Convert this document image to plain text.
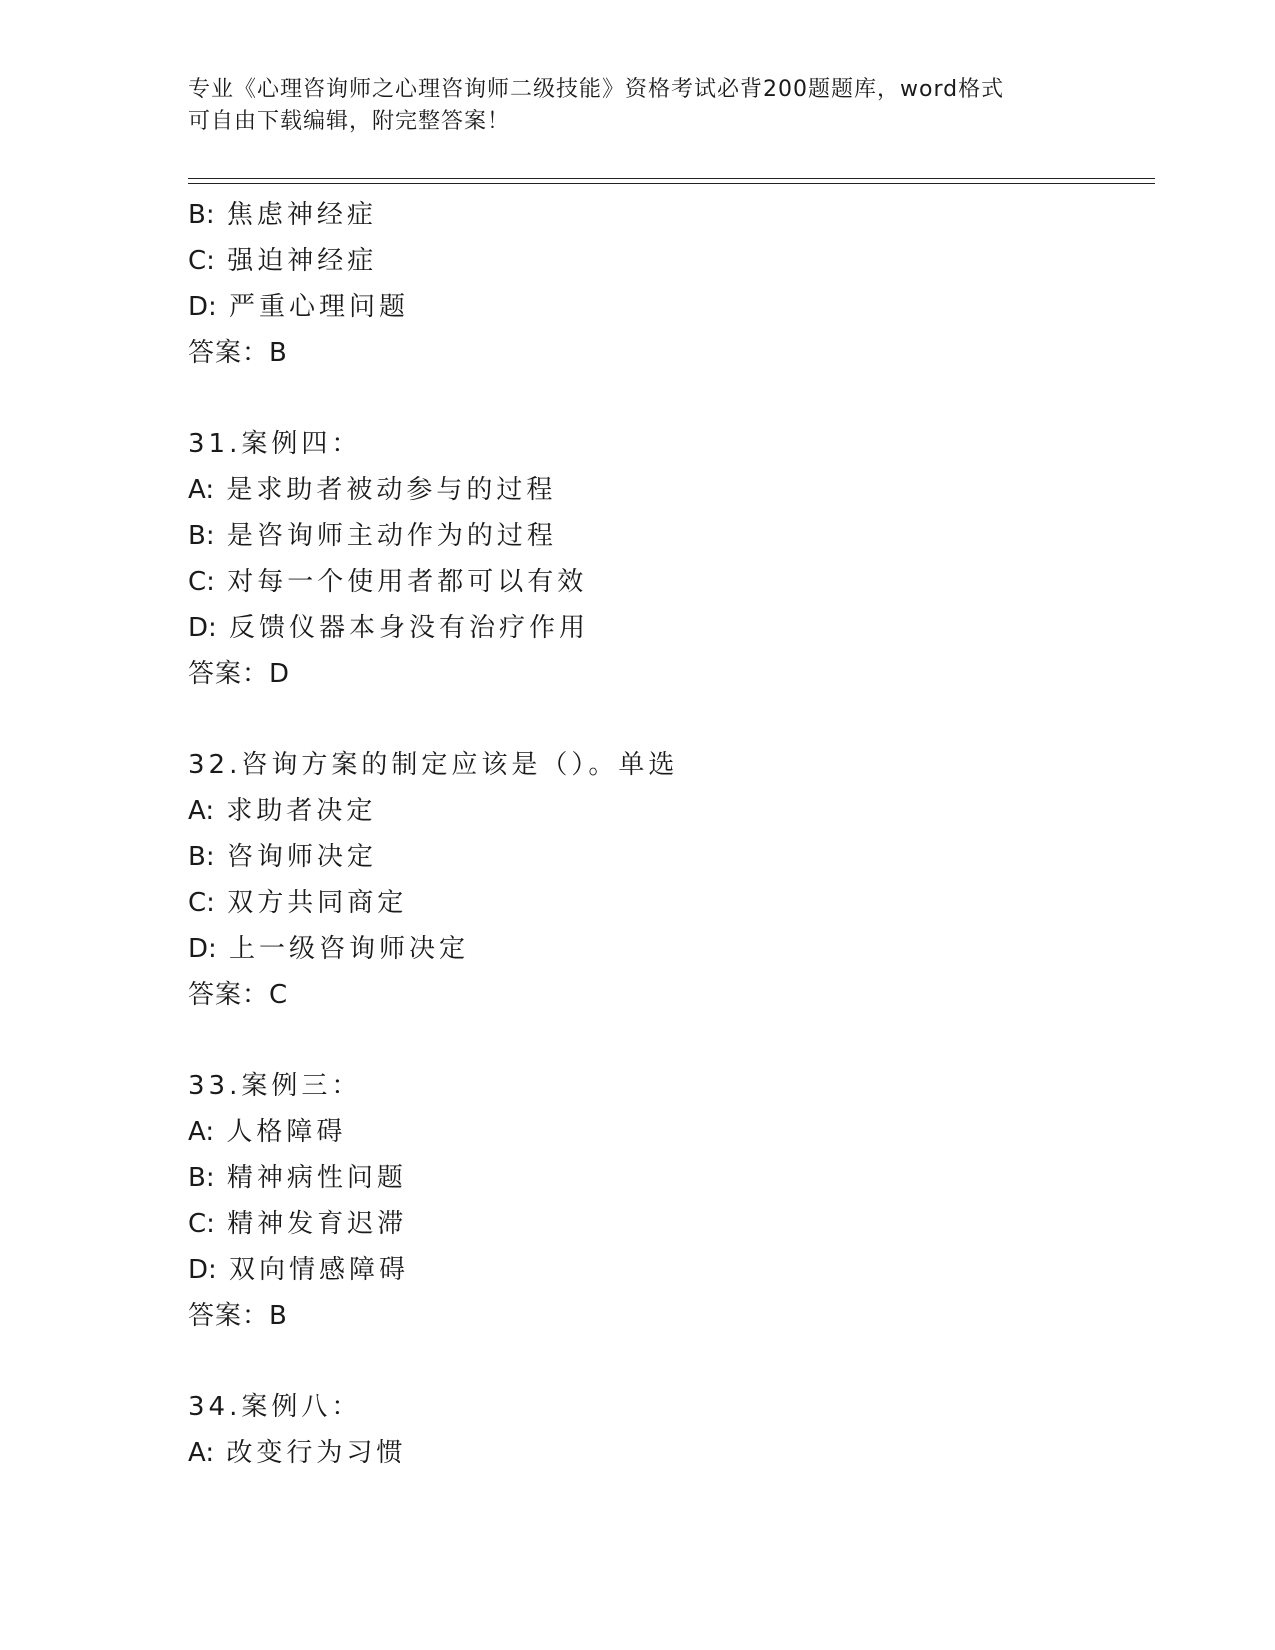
专业《心理咨询师之心理咨询师二级技能》资格考试必背200题题库，word格式
可自由下载编辑，附完整答案！
B: 焦虑神经症
C: 强迫神经症
D: 严重心理问题
答案：B
31.案例四：
A: 是求助者被动参与的过程
B: 是咨询师主动作为的过程
C: 对每一个使用者都可以有效
D: 反馈仪器本身没有治疗作用
答案：D
32.咨询方案的制定应该是（）。单选
A: 求助者决定
B: 咨询师决定
C: 双方共同商定
D: 上一级咨询师决定
答案：C
33.案例三：
A: 人格障碍
B: 精神病性问题
C: 精神发育迟滞
D: 双向情感障碍
答案：B
34.案例八：
A: 改变行为习惯
